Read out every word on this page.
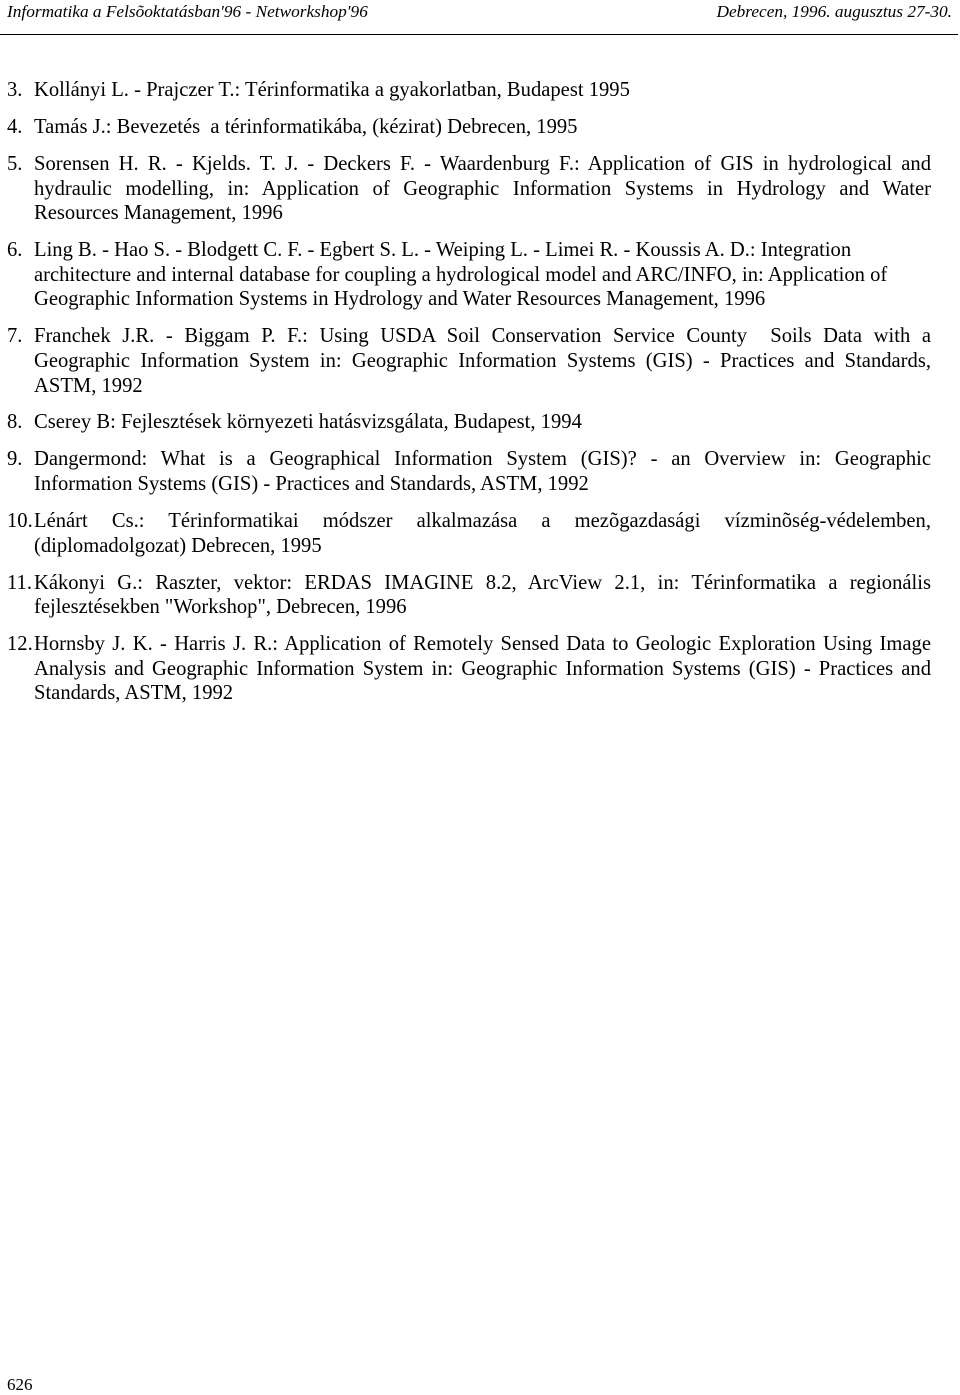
Informatika a Felsõoktatásban′96 - Networkshop′96	Debrecen, 1996. augusztus 27-30.
3. Kollányi L. - Prajczer T.: Térinformatika a gyakorlatban, Budapest 1995
4. Tamás J.: Bevezetés  a térinformatikába, (kézirat) Debrecen, 1995
5. Sorensen H. R. - Kjelds. T. J. - Deckers F. - Waardenburg F.: Application of GIS in hydrological and
hydraulic modelling, in: Application of Geographic Information Systems in Hydrology and Water
Resources Management, 1996
6. Ling B. - Hao S. - Blodgett C. F. - Egbert S. L. - Weiping L. - Limei R. - Koussis A. D.: Integration
architecture and internal database for coupling a hydrological model and ARC/INFO, in: Application of
Geographic Information Systems in Hydrology and Water Resources Management, 1996
7. Franchek J.R. - Biggam P. F.: Using USDA Soil Conservation Service County  Soils Data with a
Geographic Information System in: Geographic Information Systems (GIS) - Practices and Standards,
ASTM, 1992
8. Cserey B: Fejlesztések környezeti hatásvizsgálata, Budapest, 1994
9. Dangermond: What is a Geographical Information System (GIS)? - an Overview in: Geographic
Information Systems (GIS) - Practices and Standards, ASTM, 1992
10. Lénárt Cs.: Térinformatikai módszer alkalmazása a mezõgazdasági vízminõség-védelemben,
(diplomadolgozat) Debrecen, 1995
11. Kákonyi G.: Raszter, vektor: ERDAS IMAGINE 8.2, ArcView 2.1, in: Térinformatika a regionális
fejlesztésekben "Workshop", Debrecen, 1996
12. Hornsby J. K. - Harris J. R.: Application of Remotely Sensed Data to Geologic Exploration Using Image
Analysis and Geographic Information System in: Geographic Information Systems (GIS) - Practices and
Standards, ASTM, 1992
626
